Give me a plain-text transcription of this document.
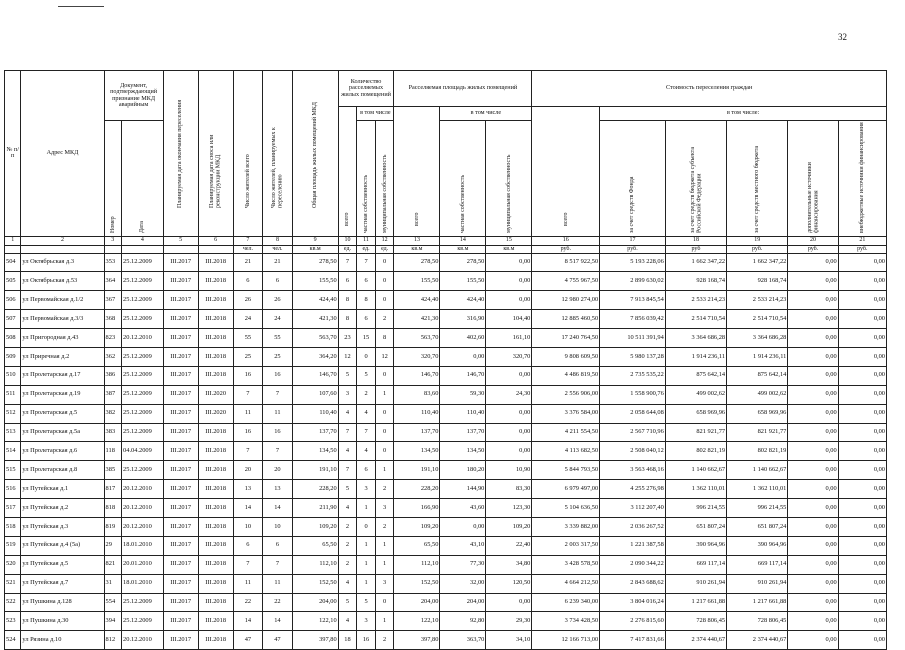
32
№ п/п	Адрес МКД	Документ, подтверждающий признание МКД аварийным		Планируемая дата окончания переселения	Планируемая дата сноса или реконструкции МКД	Число жителей всего	Число жителей, планируемых к переселению	Общая площадь жилых помещений МКД	Количество расселяемых жилых помещений			Расселяемая площадь жилых помещений			Стоимость переселения граждан					
									всего	в том числе		всего	в том числе		всего	в том числе:				
		Номер	Дата							частная собственность	муниципальная собственность		частная собственность	муниципальная собственность		за счет средств Фонда	за счет средств бюджета субъекта Российской Федерации	за счет средств местного бюджета	дополнительные источники финансирования	внебюджетные источники финансирования
1	2	3	4	5	6	7	8	9	10	11	12	13	14	15	16	17	18	19	20	21
						чел.	чел.	кв.м	ед.	ед.	ед.	кв.м	кв.м	кв.м	руб.	руб.	руб	руб.	руб.	руб.
504	ул Октябрьская д.3	353	25.12.2009	III.2017	III.2018	21	21	278,50	7	7	0	278,50	278,50	0,00	8 517 922,50	5 193 228,06	1 662 347,22	1 662 347,22	0,00	0,00
505	ул Октябрьская д.53	364	25.12.2009	III.2017	III.2018	6	6	155,50	6	6	0	155,50	155,50	0,00	4 755 967,50	2 899 630,02	928 168,74	928 168,74	0,00	0,00
506	ул Первомайская д.1/2	367	25.12.2009	III.2017	III.2018	26	26	424,40	8	8	0	424,40	424,40	0,00	12 980 274,00	7 913 845,54	2 533 214,23	2 533 214,23	0,00	0,00
507	ул Первомайская д.3/3	368	25.12.2009	III.2017	III.2018	24	24	421,30	8	6	2	421,30	316,90	104,40	12 885 460,50	7 856 039,42	2 514 710,54	2 514 710,54	0,00	0,00
508	ул Пригородная д.43	823	20.12.2010	III.2017	III.2018	55	55	563,70	23	15	8	563,70	402,60	161,10	17 240 764,50	10 511 391,94	3 364 686,28	3 364 686,28	0,00	0,00
509	ул Приречная д.2	362	25.12.2009	III.2017	III.2018	25	25	364,20	12	0	12	320,70	0,00	320,70	9 808 609,50	5 980 137,28	1 914 236,11	1 914 236,11	0,00	0,00
510	ул Пролетарская д.17	386	25.12.2009	III.2017	III.2018	16	16	146,70	5	5	0	146,70	146,70	0,00	4 486 819,50	2 735 535,22	875 642,14	875 642,14	0,00	0,00
511	ул Пролетарская д.19	387	25.12.2009	III.2017	III.2020	7	7	107,60	3	2	1	83,60	59,30	24,30	2 556 906,00	1 558 900,76	499 002,62	499 002,62	0,00	0,00
512	ул Пролетарская д.5	382	25.12.2009	III.2017	III.2020	11	11	110,40	4	4	0	110,40	110,40	0,00	3 376 584,00	2 058 644,08	658 969,96	658 969,96	0,00	0,00
513	ул Пролетарская д.5а	383	25.12.2009	III.2017	III.2018	16	16	137,70	7	7	0	137,70	137,70	0,00	4 211 554,50	2 567 710,96	821 921,77	821 921,77	0,00	0,00
514	ул Пролетарская д.6	118	04.04.2009	III.2017	III.2018	7	7	134,50	4	4	0	134,50	134,50	0,00	4 113 682,50	2 508 040,12	802 821,19	802 821,19	0,00	0,00
515	ул Пролетарская д.8	385	25.12.2009	III.2017	III.2018	20	20	191,10	7	6	1	191,10	180,20	10,90	5 844 793,50	3 563 468,16	1 140 662,67	1 140 662,67	0,00	0,00
516	ул Путейская д.1	817	20.12.2010	III.2017	III.2018	13	13	228,20	5	3	2	228,20	144,90	83,30	6 979 497,00	4 255 276,98	1 362 110,01	1 362 110,01	0,00	0,00
517	ул Путейская д.2	818	20.12.2010	III.2017	III.2018	14	14	211,90	4	1	3	166,90	43,60	123,30	5 104 636,50	3 112 207,40	996 214,55	996 214,55	0,00	0,00
518	ул Путейская д.3	819	20.12.2010	III.2017	III.2018	10	10	109,20	2	0	2	109,20	0,00	109,20	3 339 882,00	2 036 267,52	651 807,24	651 807,24	0,00	0,00
519	ул Путейская д.4 (5а)	29	18.01.2010	III.2017	III.2018	6	6	65,50	2	1	1	65,50	43,10	22,40	2 003 317,50	1 221 387,58	390 964,96	390 964,96	0,00	0,00
520	ул Путейская д.5	821	20.01.2010	III.2017	III.2018	7	7	112,10	2	1	1	112,10	77,30	34,80	3 428 578,50	2 090 344,22	669 117,14	669 117,14	0,00	0,00
521	ул Путейская д.7	31	18.01.2010	III.2017	III.2018	11	11	152,50	4	1	3	152,50	32,00	120,50	4 664 212,50	2 843 688,62	910 261,94	910 261,94	0,00	0,00
522	ул Пушкина д.128	554	25.12.2009	III.2017	III.2018	22	22	204,00	5	5	0	204,00	204,00	0,00	6 239 340,00	3 804 016,24	1 217 661,88	1 217 661,88	0,00	0,00
523	ул Пушкина д.30	394	25.12.2009	III.2017	III.2018	14	14	122,10	4	3	1	122,10	92,80	29,30	3 734 428,50	2 276 815,60	728 806,45	728 806,45	0,00	0,00
524	ул Рязина д.10	812	20.12.2010	III.2017	III.2018	47	47	397,80	18	16	2	397,80	363,70	34,10	12 166 713,00	7 417 831,66	2 374 440,67	2 374 440,67	0,00	0,00
